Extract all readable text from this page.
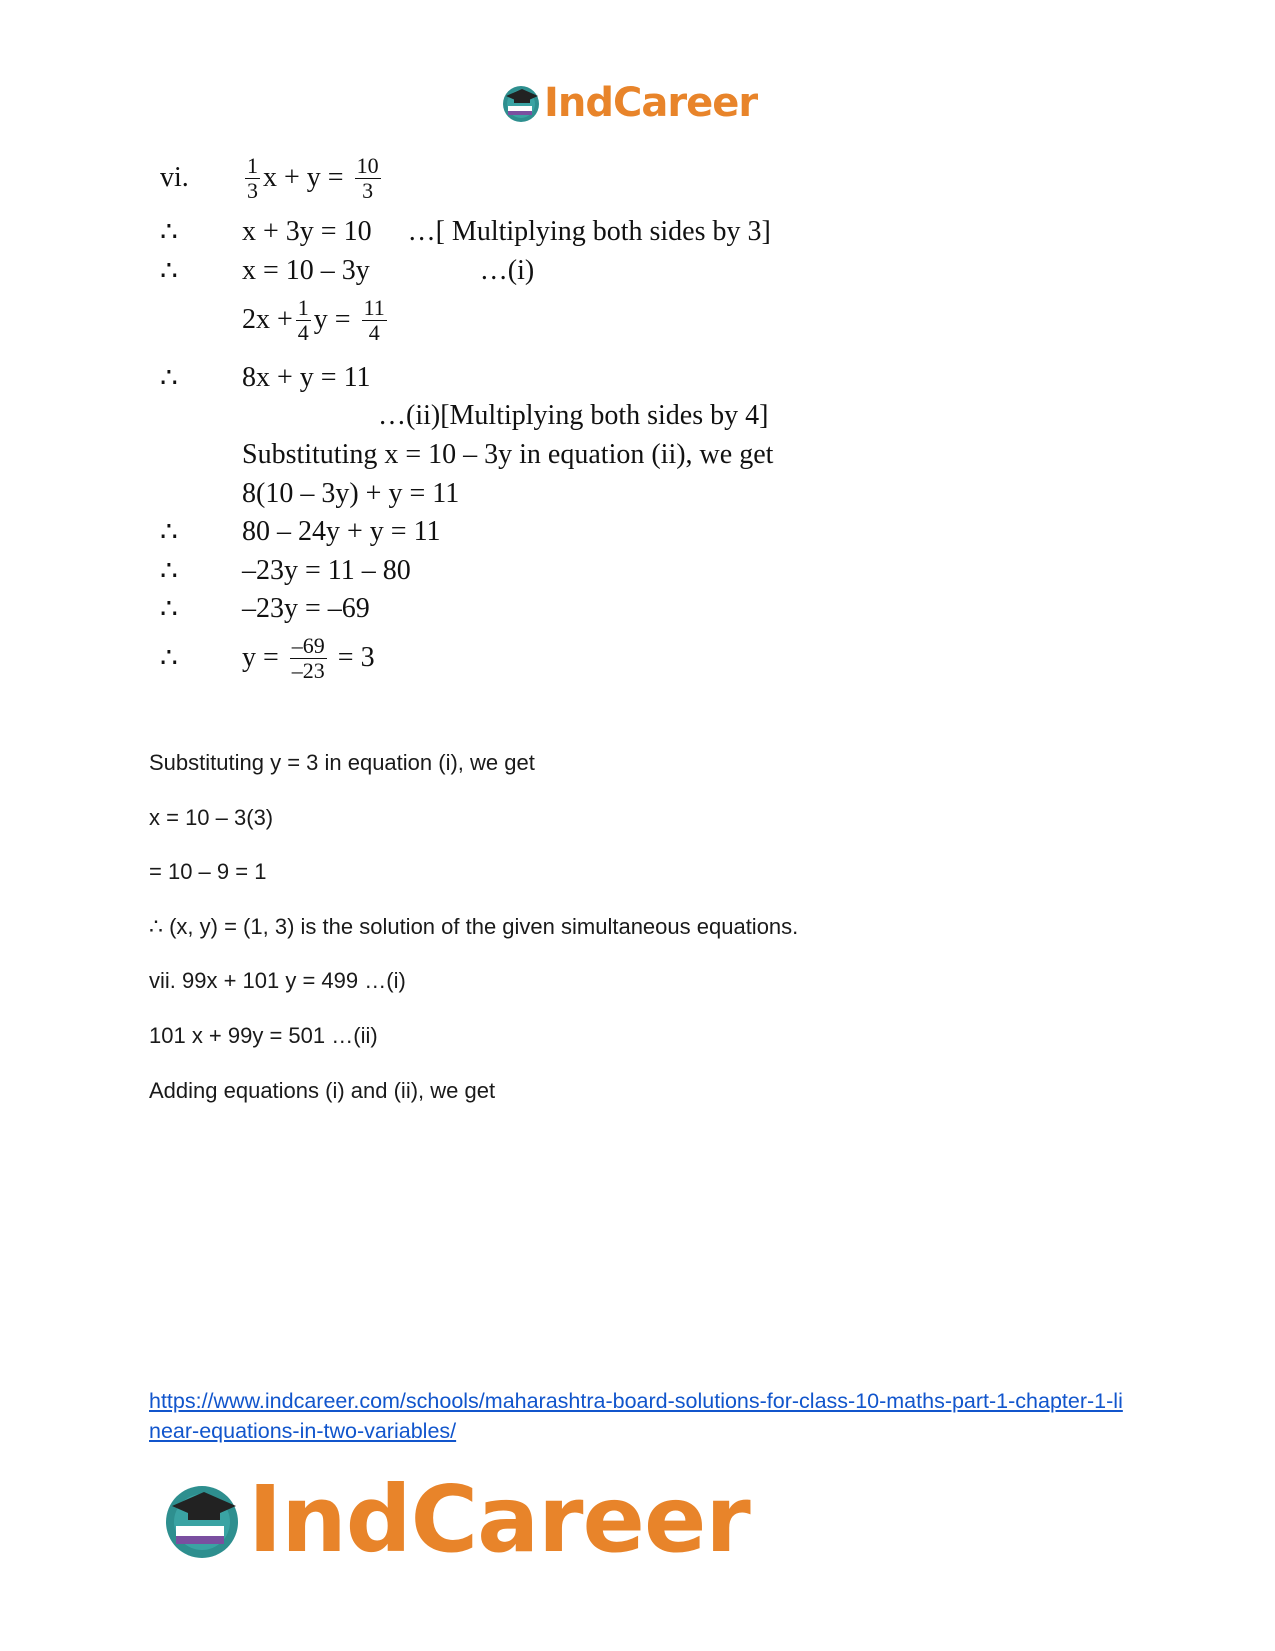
IndCareer
vi.	$\frac{1}{3}$ $x + y = \frac{10}{3}$
∴	x + 3y = 10 …[ Multiplying both sides by 3]
∴	x = 10 – 3y	…(i)
$2x + \frac{1}{4}$ $y = \frac{11}{4}$
∴	8x + y = 11
…(ii)[Multiplying both sides by 4]
Substituting x = 10 – 3y in equation (ii), we get
8(10 – 3y) + y = 11
∴	80 – 24y + y = 11
∴	–23y = 11 – 80
∴	–23y = –69
∴	$y = \frac{-69}{-23} = 3$
Substituting y = 3 in equation (i), we get
x = 10 – 3(3)
= 10 – 9 = 1
∴ (x, y) = (1, 3) is the solution of the given simultaneous equations.
vii. 99x + 101 y = 499 …(i)
101 x + 99y = 501 …(ii)
Adding equations (i) and (ii), we get
https://www.indcareer.com/schools/maharashtra-board-solutions-for-class-10-maths-part-1-chapter-1-linear-equations-in-two-variables/
IndCareer
